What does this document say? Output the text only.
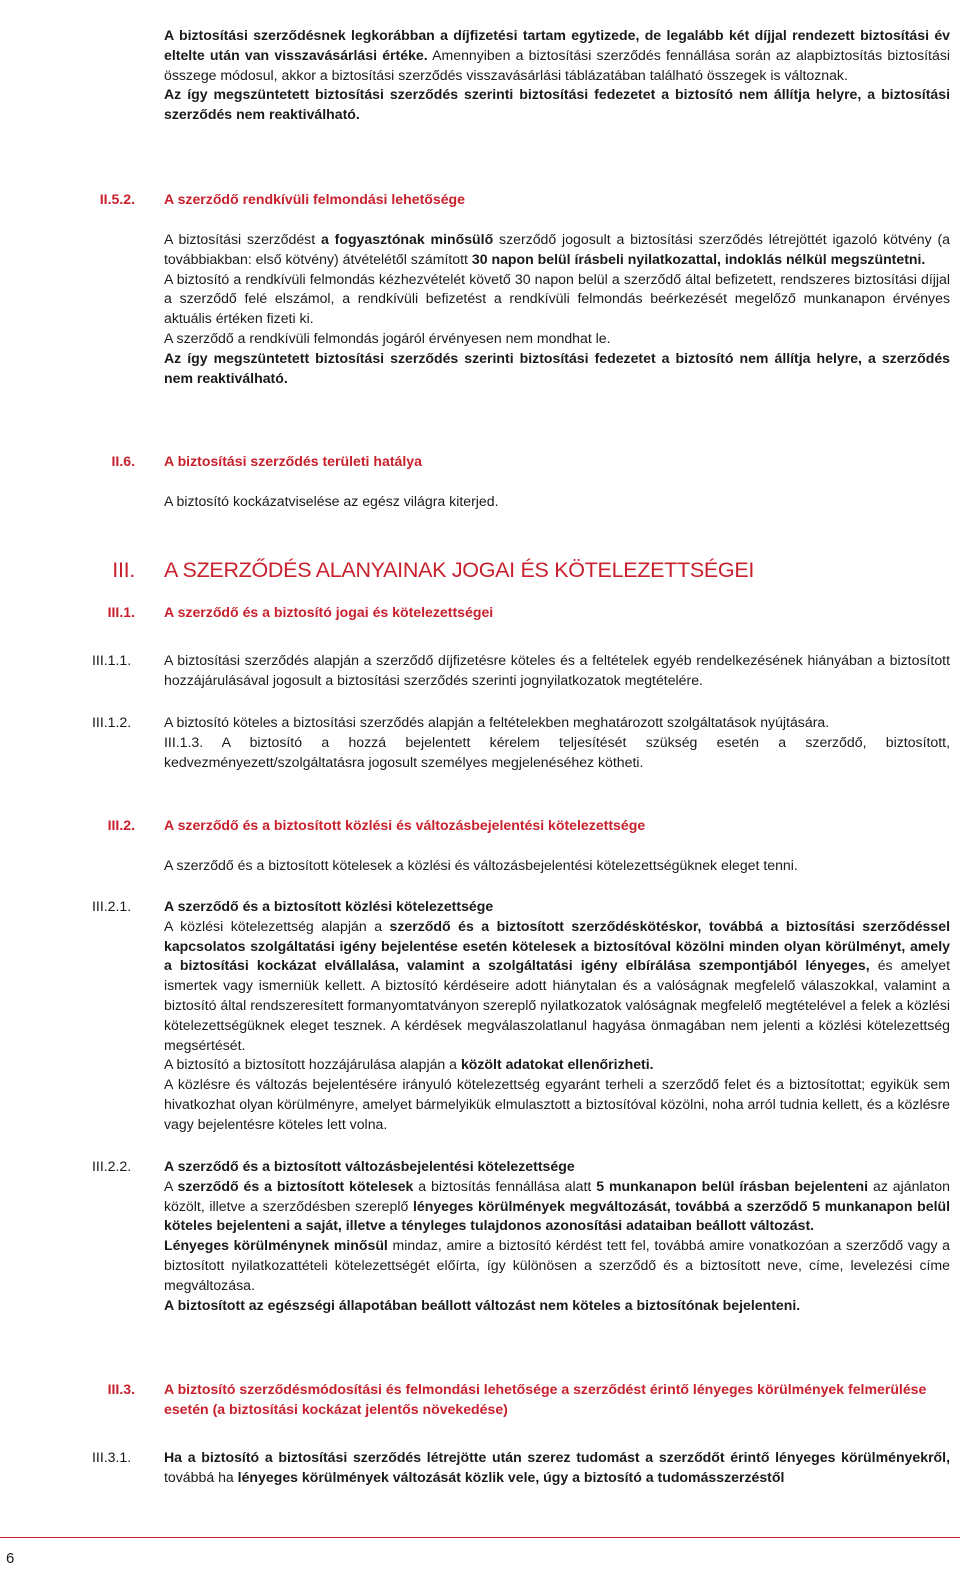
A biztosítási szerződésnek legkorábban a díjfizetési tartam egytizede, de legalább két díjjal rendezett biztosítási év eltelte után van visszavásárlási értéke. Amennyiben a biztosítási szerződés fennállása során az alapbiztosítás biztosítási összege módosul, akkor a biztosítási szerződés visszavásárlási táblázatában található összegek is változnak.
Az így megszüntetett biztosítási szerződés szerinti biztosítási fedezetet a biztosító nem állítja helyre, a biztosítási szerződés nem reaktiválható.

II.5.2. A szerződő rendkívüli felmondási lehetősége

A biztosítási szerződést a fogyasztónak minősülő szerződő jogosult a biztosítási szerződés létrejöttét igazoló kötvény (a továbbiakban: első kötvény) átvételétől számított 30 napon belül írásbeli nyilatkozattal, indoklás nélkül megszüntetni.
A biztosító a rendkívüli felmondás kézhezvételét követő 30 napon belül a szerződő által befizetett, rendszeres biztosítási díjjal a szerződő felé elszámol, a rendkívüli befizetést a rendkívüli felmondás beérkezését megelőző munkanapon érvényes aktuális értéken fizeti ki.
A szerződő a rendkívüli felmondás jogáról érvényesen nem mondhat le.
Az így megszüntetett biztosítási szerződés szerinti biztosítási fedezetet a biztosító nem állítja helyre, a szerződés nem reaktiválható.

II.6. A biztosítási szerződés területi hatálya
A biztosító kockázatviselése az egész világra kiterjed.
III. A SZERZŐDÉS ALANYAINAK JOGAI ÉS KÖTELEZETTSÉGEI
III.1. A szerződő és a biztosító jogai és kötelezettségei
III.1.1.	A biztosítási szerződés alapján a szerződő díjfizetésre köteles és a feltételek egyéb rendelkezésének hiányában a biztosított hozzájárulásával jogosult a biztosítási szerződés szerinti jognyilatkozatok megtételére.
III.1.2.	A biztosító köteles a biztosítási szerződés alapján a feltételekben meghatározott szolgáltatások nyújtására.
III.1.3. A biztosító a hozzá bejelentett kérelem teljesítését szükség esetén a szerződő, biztosított, kedvezményezett/szolgáltatásra jogosult személyes megjelenéséhez kötheti.

III.2. A szerződő és a biztosított közlési és változásbejelentési kötelezettsége
A szerződő és a biztosított kötelesek a közlési és változásbejelentési kötelezettségüknek eleget tenni.
III.2.1.	A szerződő és a biztosított közlési kötelezettsége
A közlési kötelezettség alapján a szerződő és a biztosított szerződéskötéskor, továbbá a biztosítási szerződéssel kapcsolatos szolgáltatási igény bejelentése esetén kötelesek a biztosítóval közölni minden olyan körülményt, amely a biztosítási kockázat elvállalása, valamint a szolgáltatási igény elbírálása szempontjából lényeges, és amelyet ismertek vagy ismerniük kellett. A biztosító kérdéseire adott hiánytalan és a valóságnak megfelelő válaszokkal, valamint a biztosító által rendszeresített formanyomtatványon szereplő nyilatkozatok valóságnak megfelelő megtételével a felek a közlési kötelezettségüknek eleget tesznek. A kérdések megválaszolatlanul hagyása önmagában nem jelenti a közlési kötelezettség megsértését.
A biztosító a biztosított hozzájárulása alapján a közölt adatokat ellenőrizheti.
A közlésre és változás bejelentésére irányuló kötelezettség egyaránt terheli a szerződő felet és a biztosítottat; egyikük sem hivatkozhat olyan körülményre, amelyet bármelyikük elmulasztott a biztosítóval közölni, noha arról tudnia kellett, és a közlésre vagy bejelentésre köteles lett volna.

III.2.2.	A szerződő és a biztosított változásbejelentési kötelezettsége
A szerződő és a biztosított kötelesek a biztosítás fennállása alatt 5 munkanapon belül írásban bejelenteni az ajánlaton közölt, illetve a szerződésben szereplő lényeges körülmények megváltozását, továbbá a szerződő 5 munkanapon belül köteles bejelenteni a saját, illetve a tényleges tulajdonos azonosítási adataiban beállott változást.
Lényeges körülménynek minősül mindaz, amire a biztosító kérdést tett fel, továbbá amire vonatkozóan a szerződő vagy a biztosított nyilatkozattételi kötelezettségét előírta, így különösen a szerződő és a biztosított neve, címe, levelezési címe megváltozása.
A biztosított az egészségi állapotában beállott változást nem köteles a biztosítónak bejelenteni.

III.3. A biztosító szerződésmódosítási és felmondási lehetősége a szerződést érintő lényeges körülmények felmerülése esetén (a biztosítási kockázat jelentős növekedése)
III.3.1.	Ha a biztosító a biztosítási szerződés létrejötte után szerez tudomást a szerződőt érintő lényeges körülményekről, továbbá ha lényeges körülmények változását közlik vele, úgy a biztosító a tudomásszerzéstől

6
